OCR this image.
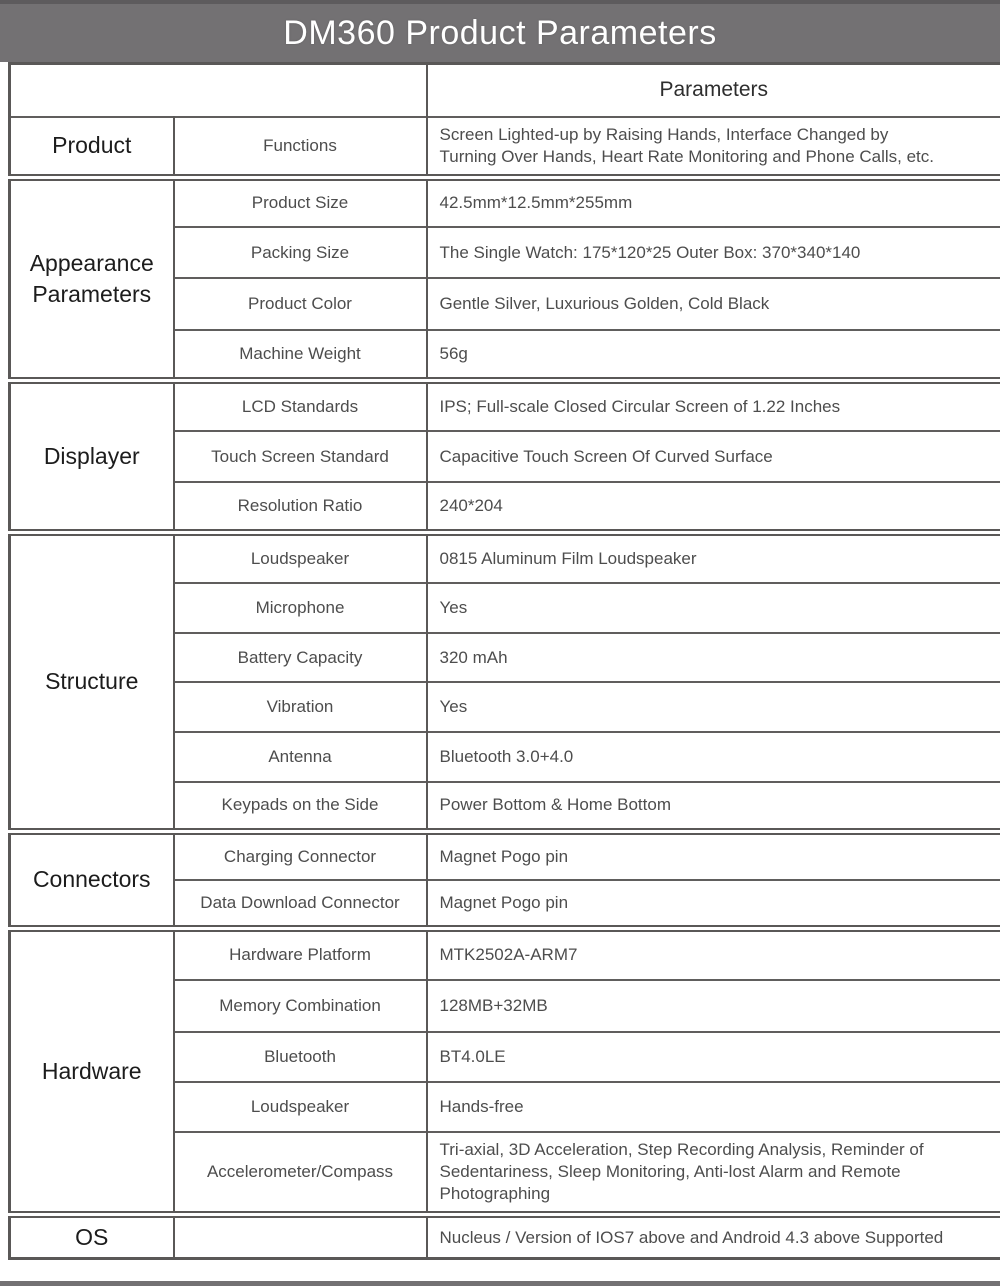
DM360 Product Parameters
		Parameters
Product	Functions	Screen Lighted-up by Raising Hands, Interface Changed by Turning Over Hands, Heart Rate Monitoring and Phone Calls, etc.
Appearance Parameters	Product Size	42.5mm*12.5mm*255mm
	Packing Size	The Single Watch: 175*120*25 Outer Box: 370*340*140
	Product Color	Gentle Silver, Luxurious Golden, Cold Black
	Machine Weight	56g
Displayer	LCD Standards	IPS; Full-scale Closed Circular Screen of 1.22 Inches
	Touch Screen Standard	Capacitive Touch Screen Of Curved Surface
	Resolution Ratio	240*204
Structure	Loudspeaker	0815 Aluminum Film Loudspeaker
	Microphone	Yes
	Battery Capacity	320 mAh
	Vibration	Yes
	Antenna	Bluetooth 3.0+4.0
	Keypads on the Side	Power Bottom & Home Bottom
Connectors	Charging Connector	Magnet Pogo pin
	Data Download Connector	Magnet Pogo pin
Hardware	Hardware Platform	MTK2502A-ARM7
	Memory Combination	128MB+32MB
	Bluetooth	BT4.0LE
	Loudspeaker	Hands-free
	Accelerometer/Compass	Tri-axial, 3D Acceleration, Step Recording Analysis, Reminder of Sedentariness, Sleep Monitoring, Anti-lost Alarm and Remote Photographing
OS		Nucleus / Version of IOS7 above and Android 4.3 above Supported
